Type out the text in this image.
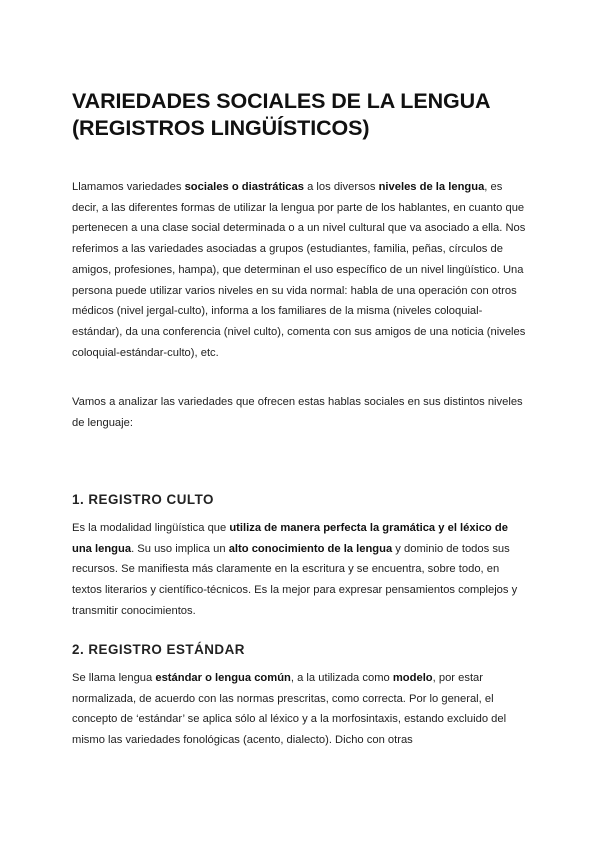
VARIEDADES SOCIALES DE LA LENGUA
(REGISTROS LINGÜÍSTICOS)

Llamamos variedades sociales o diastráticas a los diversos niveles de la lengua, es decir, a las diferentes formas de utilizar la lengua por parte de los hablantes, en cuanto que pertenecen a una clase social determinada o a un nivel cultural que va asociado a ella. Nos referimos a las variedades asociadas a grupos (estudiantes, familia, peñas, círculos de amigos, profesiones, hampa), que determinan el uso específico de un nivel lingüístico. Una persona puede utilizar varios niveles en su vida normal: habla de una operación con otros médicos (nivel jergal-culto), informa a los familiares de la misma (niveles coloquial-estándar), da una conferencia (nivel culto), comenta con sus amigos de una noticia (niveles coloquial-estándar-culto), etc.

Vamos a analizar las variedades que ofrecen estas hablas sociales en sus distintos niveles de lenguaje:

1. REGISTRO CULTO

Es la modalidad lingüística que utiliza de manera perfecta la gramática y el léxico de una lengua. Su uso implica un alto conocimiento de la lengua y dominio de todos sus recursos. Se manifiesta más claramente en la escritura y se encuentra, sobre todo, en textos literarios y científico-técnicos. Es la mejor para expresar pensamientos complejos y transmitir conocimientos.

2. REGISTRO ESTÁNDAR

Se llama lengua estándar o lengua común, a la utilizada como modelo, por estar normalizada, de acuerdo con las normas prescritas, como correcta. Por lo general, el concepto de ‘estándar’ se aplica sólo al léxico y a la morfosintaxis, estando excluido del mismo las variedades fonológicas (acento, dialecto). Dicho con otras
